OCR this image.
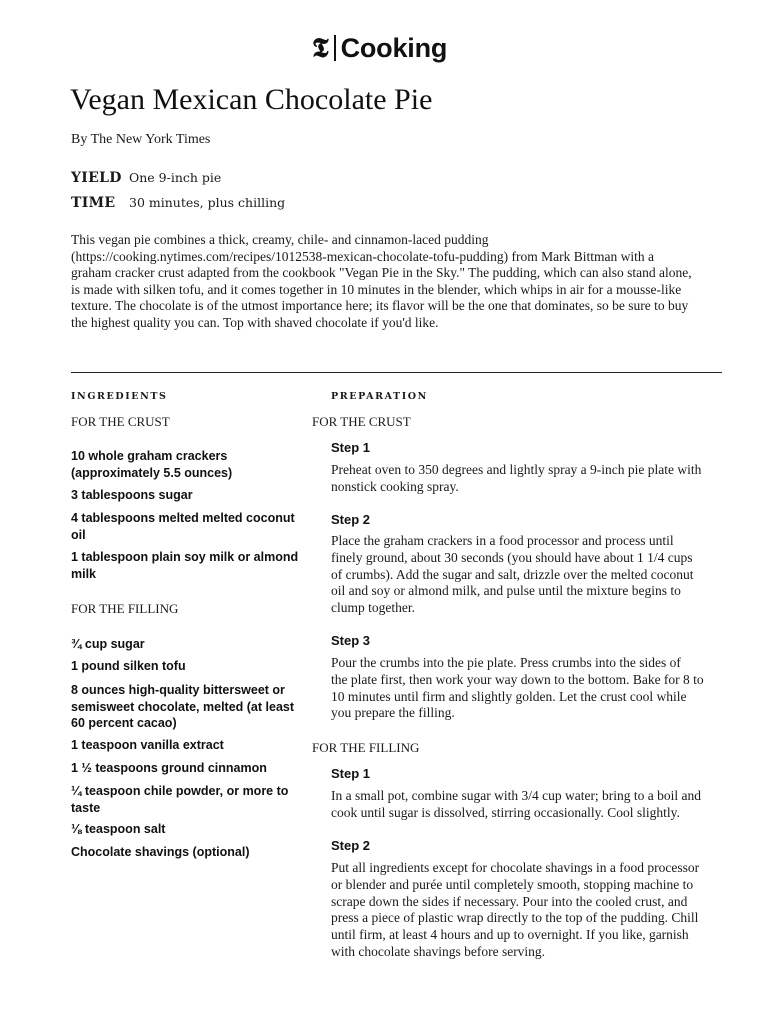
𝕿 Cooking
Vegan Mexican Chocolate Pie
By The New York Times
YIELD One 9-inch pie
TIME	30 minutes, plus chilling

This vegan pie combines a thick, creamy, chile- and cinnamon-laced pudding
(https://cooking.nytimes.com/recipes/1012538-mexican-chocolate-tofu-pudding) from Mark Bittman with a
graham cracker crust adapted from the cookbook "Vegan Pie in the Sky." The pudding, which can also stand alone,
is made with silken tofu, and it comes together in 10 minutes in the blender, which whips in air for a mousse-like
texture. The chocolate is of the utmost importance here; its flavor will be the one that dominates, so be sure to buy
the highest quality you can. Top with shaved chocolate if you'd like.

INGREDIENTS	PREPARATION
FOR THE CRUST

10 whole graham crackers (approximately 5.5 ounces)

3 tablespoons sugar

4 tablespoons melted melted coconut oil

1 tablespoon plain soy milk or almond milk

FOR THE FILLING

¾ cup sugar

1 pound silken tofu

8 ounces high-quality bittersweet or semisweet chocolate, melted (at least 60 percent cacao)

1 teaspoon vanilla extract

1 ½ teaspoons ground cinnamon

¼ teaspoon chile powder, or more to taste

⅛ teaspoon salt

Chocolate shavings (optional)

FOR THE CRUST
Step 1

Preheat oven to 350 degrees and lightly spray a 9-inch pie plate with
nonstick cooking spray.

Step 2

Place the graham crackers in a food processor and process until
finely ground, about 30 seconds (you should have about 1 1/4 cups
of crumbs). Add the sugar and salt, drizzle over the melted coconut
oil and soy or almond milk, and pulse until the mixture begins to
clump together.

Step 3

Pour the crumbs into the pie plate. Press crumbs into the sides of
the plate first, then work your way down to the bottom. Bake for 8 to
10 minutes until firm and slightly golden. Let the crust cool while
you prepare the filling.

FOR THE FILLING
Step 1

In a small pot, combine sugar with 3/4 cup water; bring to a boil and
cook until sugar is dissolved, stirring occasionally. Cool slightly.

Step 2

Put all ingredients except for chocolate shavings in a food processor
or blender and purée until completely smooth, stopping machine to
scrape down the sides if necessary. Pour into the cooled crust, and
press a piece of plastic wrap directly to the top of the pudding. Chill
until firm, at least 4 hours and up to overnight. If you like, garnish
with chocolate shavings before serving.
